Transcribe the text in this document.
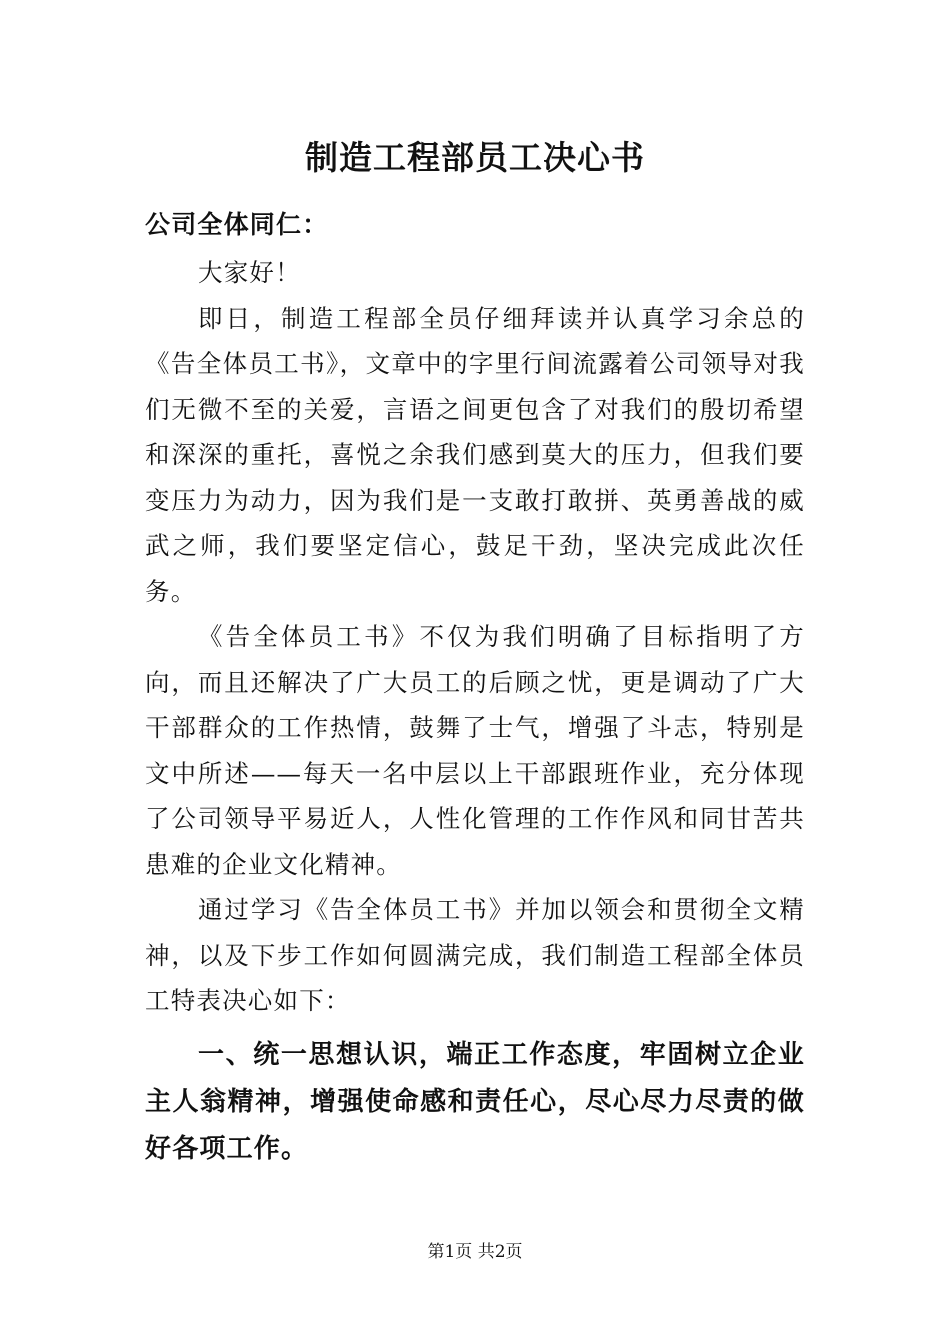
制造工程部员工决心书

公司全体同仁：

大家好！

即日，制造工程部全员仔细拜读并认真学习余总的《告全体员工书》，文章中的字里行间流露着公司领导对我们无微不至的关爱，言语之间更包含了对我们的殷切希望和深深的重托，喜悦之余我们感到莫大的压力，但我们要变压力为动力，因为我们是一支敢打敢拼、英勇善战的威武之师，我们要坚定信心，鼓足干劲，坚决完成此次任务。

《告全体员工书》不仅为我们明确了目标指明了方向，而且还解决了广大员工的后顾之忧，更是调动了广大干部群众的工作热情，鼓舞了士气，增强了斗志，特别是文中所述——每天一名中层以上干部跟班作业，充分体现了公司领导平易近人，人性化管理的工作作风和同甘苦共患难的企业文化精神。

通过学习《告全体员工书》并加以领会和贯彻全文精神，以及下步工作如何圆满完成，我们制造工程部全体员工特表决心如下：

一、统一思想认识，端正工作态度，牢固树立企业主人翁精神，增强使命感和责任心，尽心尽力尽责的做好各项工作。

第1页 共2页
